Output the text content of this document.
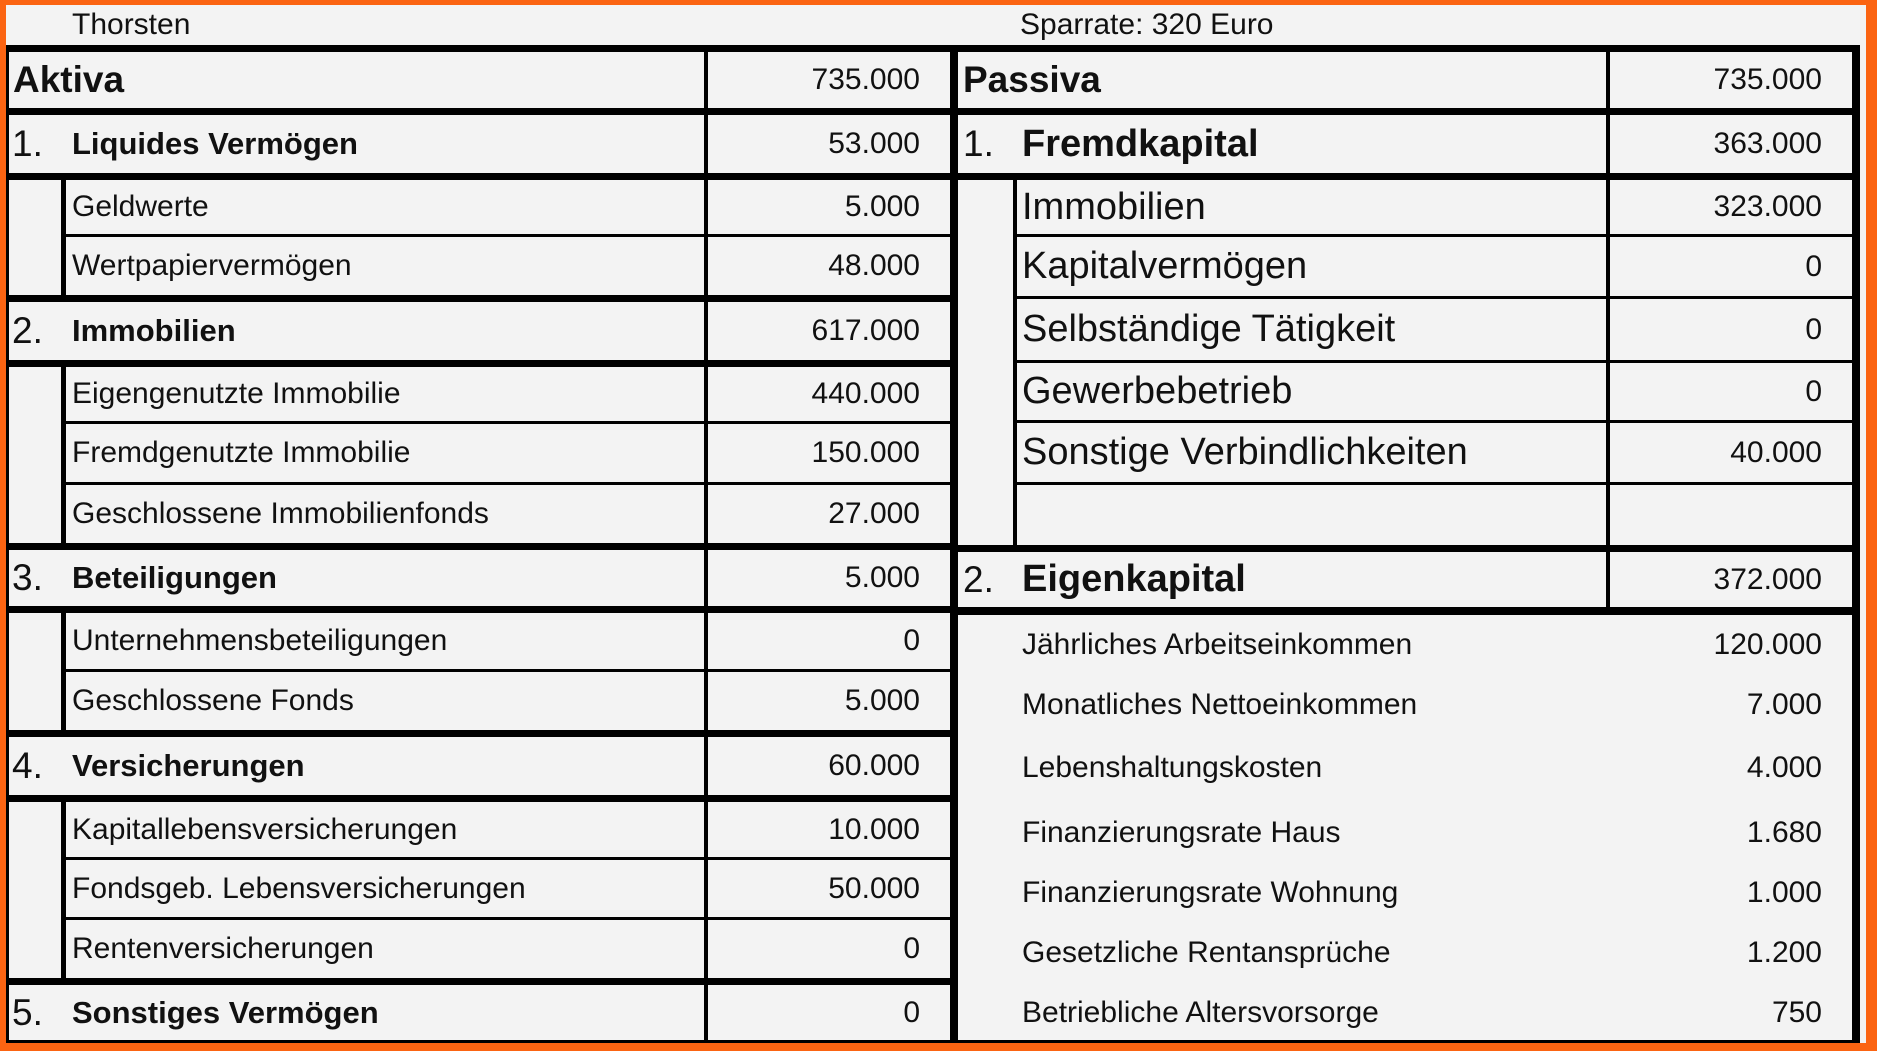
Thorsten	Sparrate: 320 Euro
Aktiva	735.000
1. Liquides Vermögen	53.000
Geldwerte	5.000
Wertpapiervermögen	48.000
2. Immobilien	617.000
Eigengenutzte Immobilie	440.000
Fremdgenutzte Immobilie	150.000
Geschlossene Immobilienfonds	27.000
3. Beteiligungen	5.000
Unternehmensbeteiligungen	0
Geschlossene Fonds	5.000
4. Versicherungen	60.000
Kapitallebensversicherungen	10.000
Fondsgeb. Lebensversicherungen	50.000
Rentenversicherungen	0
5. Sonstiges Vermögen	0
Passiva	735.000
1. Fremdkapital	363.000
Immobilien	323.000
Kapitalvermögen	0
Selbständige Tätigkeit	0
Gewerbebetrieb	0
Sonstige Verbindlichkeiten	40.000
2. Eigenkapital	372.000
Jährliches Arbeitseinkommen	120.000
Monatliches Nettoeinkommen	7.000
Lebenshaltungskosten	4.000
Finanzierungsrate Haus	1.680
Finanzierungsrate Wohnung	1.000
Gesetzliche Rentansprüche	1.200
Betriebliche Altersvorsorge	750
